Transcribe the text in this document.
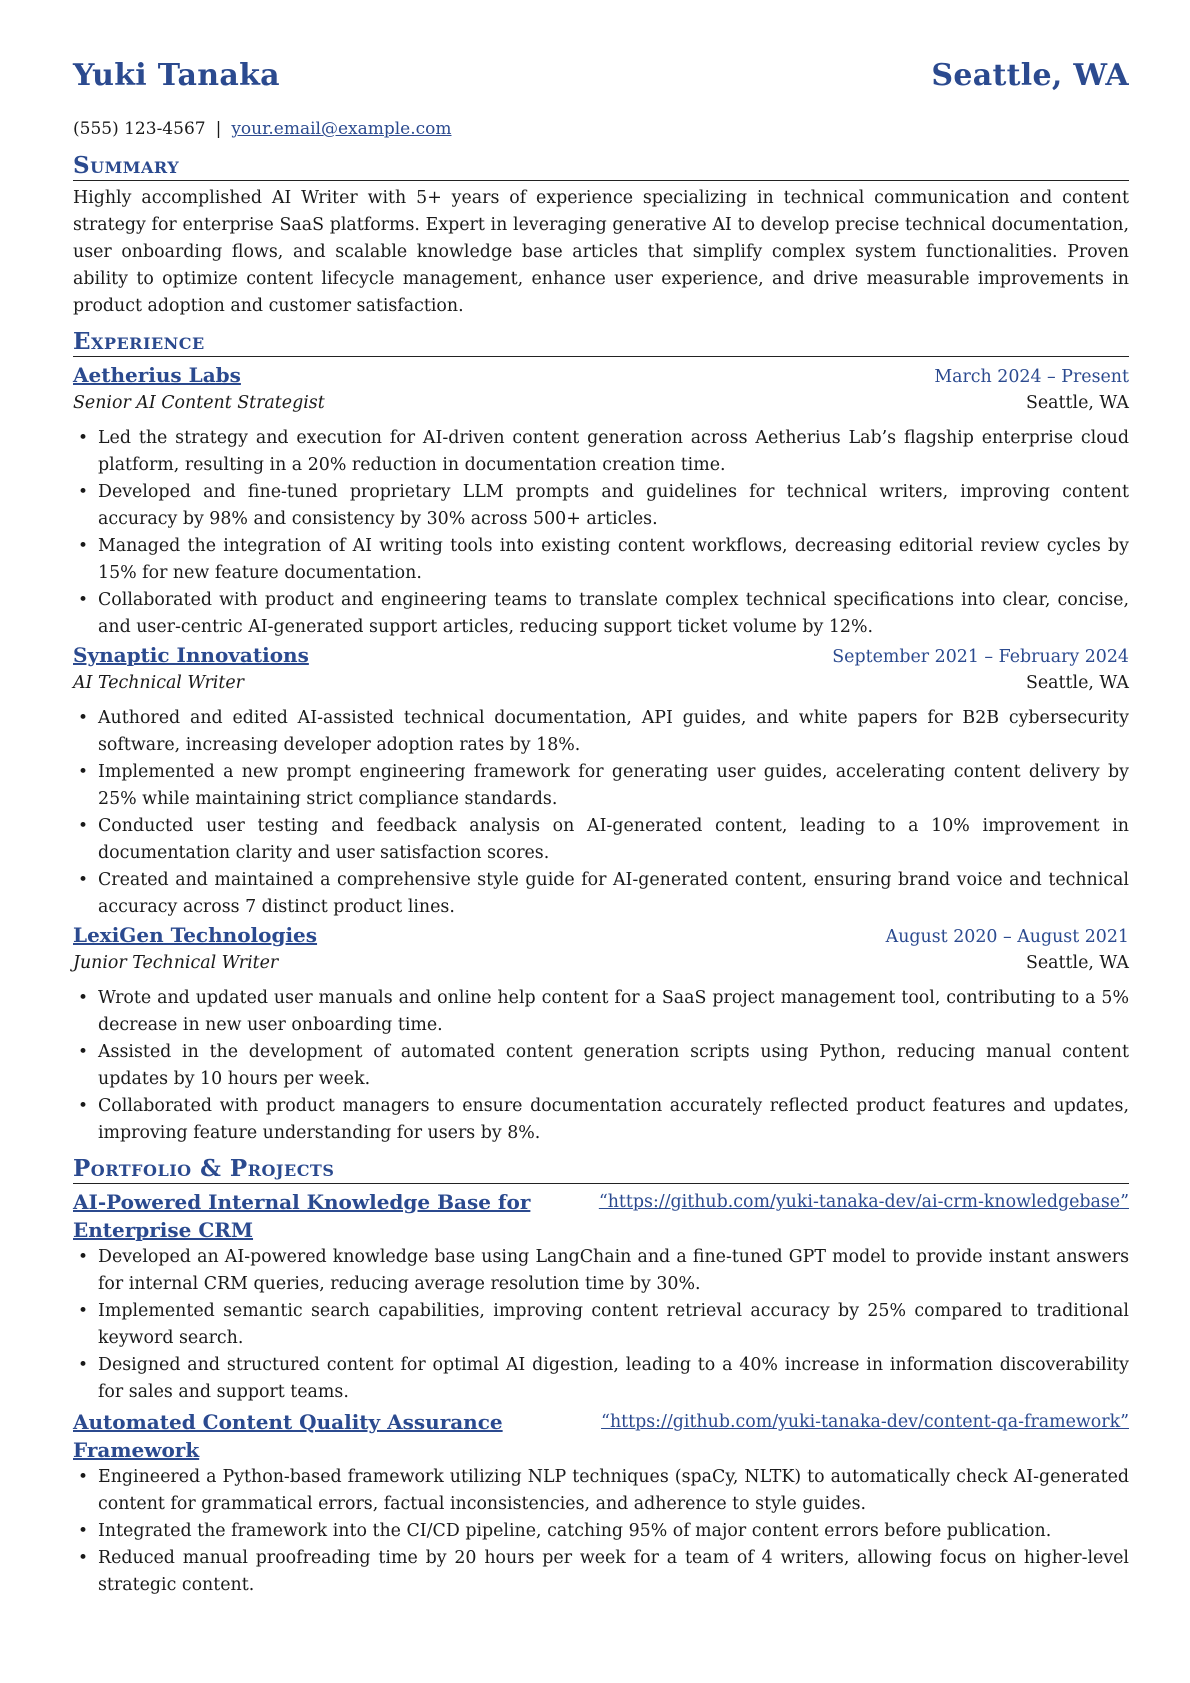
Yuki Tanaka	Seattle, WA
(555) 123-4567 | your.email@example.com
Summary

Highly accomplished AI Writer with 5+ years of experience specializing in technical communication and content strategy for enterprise SaaS platforms. Expert in leveraging generative AI to develop precise technical documentation, user onboarding flows, and scalable knowledge base articles that simplify complex system functionalities. Proven ability to optimize content lifecycle management, enhance user experience, and drive measurable improvements in product adoption and customer satisfaction.

Experience
Aetherius Labs	March 2024 – Present
Senior AI Content Strategist	Seattle, WA
• Led the strategy and execution for AI-driven content generation across Aetherius Lab’s flagship enterprise cloud platform, resulting in a 20% reduction in documentation creation time.
• Developed and fine-tuned proprietary LLM prompts and guidelines for technical writers, improving content accuracy by 98% and consistency by 30% across 500+ articles.
• Managed the integration of AI writing tools into existing content workflows, decreasing editorial review cycles by 15% for new feature documentation.
• Collaborated with product and engineering teams to translate complex technical specifications into clear, concise, and user-centric AI-generated support articles, reducing support ticket volume by 12%.
Synaptic Innovations	September 2021 – February 2024
AI Technical Writer	Seattle, WA
• Authored and edited AI-assisted technical documentation, API guides, and white papers for B2B cybersecurity software, increasing developer adoption rates by 18%.
• Implemented a new prompt engineering framework for generating user guides, accelerating content delivery by 25% while maintaining strict compliance standards.
• Conducted user testing and feedback analysis on AI-generated content, leading to a 10% improvement in documentation clarity and user satisfaction scores.
• Created and maintained a comprehensive style guide for AI-generated content, ensuring brand voice and technical accuracy across 7 distinct product lines.
LexiGen Technologies	August 2020 – August 2021
Junior Technical Writer	Seattle, WA
• Wrote and updated user manuals and online help content for a SaaS project management tool, contributing to a 5% decrease in new user onboarding time.
• Assisted in the development of automated content generation scripts using Python, reducing manual content updates by 10 hours per week.
• Collaborated with product managers to ensure documentation accurately reflected product features and updates, improving feature understanding for users by 8%.
Portfolio & Projects
AI-Powered Internal Knowledge Base for Enterprise CRM
“https://github.com/yuki-tanaka-dev/ai-crm-knowledgebase”
• Developed an AI-powered knowledge base using LangChain and a fine-tuned GPT model to provide instant answers for internal CRM queries, reducing average resolution time by 30%.
• Implemented semantic search capabilities, improving content retrieval accuracy by 25% compared to traditional keyword search.
• Designed and structured content for optimal AI digestion, leading to a 40% increase in information discoverability for sales and support teams.
Automated Content Quality Assurance Framework
“https://github.com/yuki-tanaka-dev/content-qa-framework”
• Engineered a Python-based framework utilizing NLP techniques (spaCy, NLTK) to automatically check AI-generated content for grammatical errors, factual inconsistencies, and adherence to style guides.
• Integrated the framework into the CI/CD pipeline, catching 95% of major content errors before publication.
• Reduced manual proofreading time by 20 hours per week for a team of 4 writers, allowing focus on higher-level strategic content.
